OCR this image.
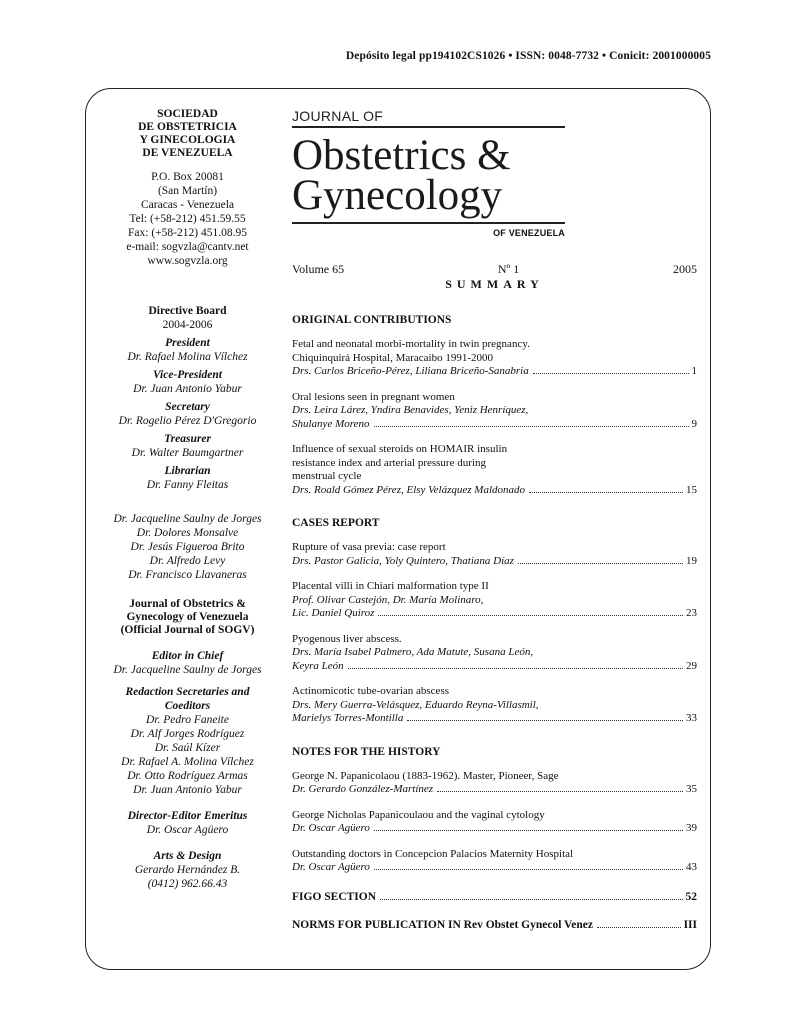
Depósito legal pp194102CS1026 • ISSN: 0048-7732 • Conicit: 2001000005
SOCIEDAD
DE OBSTETRICIA
Y GINECOLOGIA
DE VENEZUELA
P.O. Box 20081
(San Martín)
Caracas - Venezuela
Tel: (+58-212) 451.59.55
Fax: (+58-212) 451.08.95
e-mail: sogvzla@cantv.net
www.sogvzla.org
Directive Board
2004-2006
President
Dr. Rafael Molina Vílchez
Vice-President
Dr. Juan Antonio Yabur
Secretary
Dr. Rogelio Pérez D'Gregorio
Treasurer
Dr. Walter Baumgartner
Librarian
Dr. Fanny Fleitas
Dr. Jacqueline Saulny de Jorges
Dr. Dolores Monsalve
Dr. Jesús Figueroa Brito
Dr. Alfredo Levy
Dr. Francisco Llavaneras
Journal of Obstetrics &
Gynecology of Venezuela
(Official Journal of SOGV)
Editor in Chief
Dr. Jacqueline Saulny de Jorges
Redaction Secretaries and
Coeditors
Dr. Pedro Faneite
Dr. Alf Jorges Rodríguez
Dr. Saúl Kízer
Dr. Rafael A. Molina Vílchez
Dr. Otto Rodríguez Armas
Dr. Juan Antonio Yabur
Director-Editor Emeritus
Dr. Oscar Agüero
Arts & Design
Gerardo Hernández B.
(0412) 962.66.43
JOURNAL OF
Obstetrics &
Gynecology
OF VENEZUELA
Volume 65	Nº 1	2005
SUMMARY
ORIGINAL CONTRIBUTIONS
Fetal and neonatal morbi-mortality in twin pregnancy.
Chiquinquirá Hospital, Maracaibo 1991-2000
Drs. Carlos Briceño-Pérez, Liliana Briceño-Sanabria	1
Oral lesions seen in pregnant women
Drs. Leira Lárez, Yndira Benavides, Yeniz Henríquez,
Shulanye Moreno	9
Influence of sexual steroids on HOMAIR insulin
resistance index and arterial pressure during
menstrual cycle
Drs. Roald Gómez Pérez, Elsy Velázquez Maldonado	15
CASES REPORT
Rupture of vasa previa: case report
Drs. Pastor Galicia, Yoly Quintero, Thatiana Díaz	19
Placental villi in Chiari malformation type II
Prof. Olivar Castejón, Dr. María Molinaro,
Lic. Daniel Quiroz	23
Pyogenous liver abscess.
Drs. María Isabel Palmero, Ada Matute, Susana León,
Keyra León	29
Actinomicotic tube-ovarian abscess
Drs. Mery Guerra-Velásquez, Eduardo Reyna-Villasmil,
Marielys Torres-Montilla	33
NOTES FOR THE HISTORY
George N. Papanicolaou (1883-1962). Master, Pioneer, Sage
Dr. Gerardo González-Martínez	35
George Nicholas Papanicoulaou and the vaginal cytology
Dr. Oscar Agüero	39
Outstanding doctors in Concepcion Palacios Maternity Hospital
Dr. Oscar Agüero	43
FIGO SECTION	52
NORMS FOR PUBLICATION IN Rev Obstet Gynecol Venez	III
